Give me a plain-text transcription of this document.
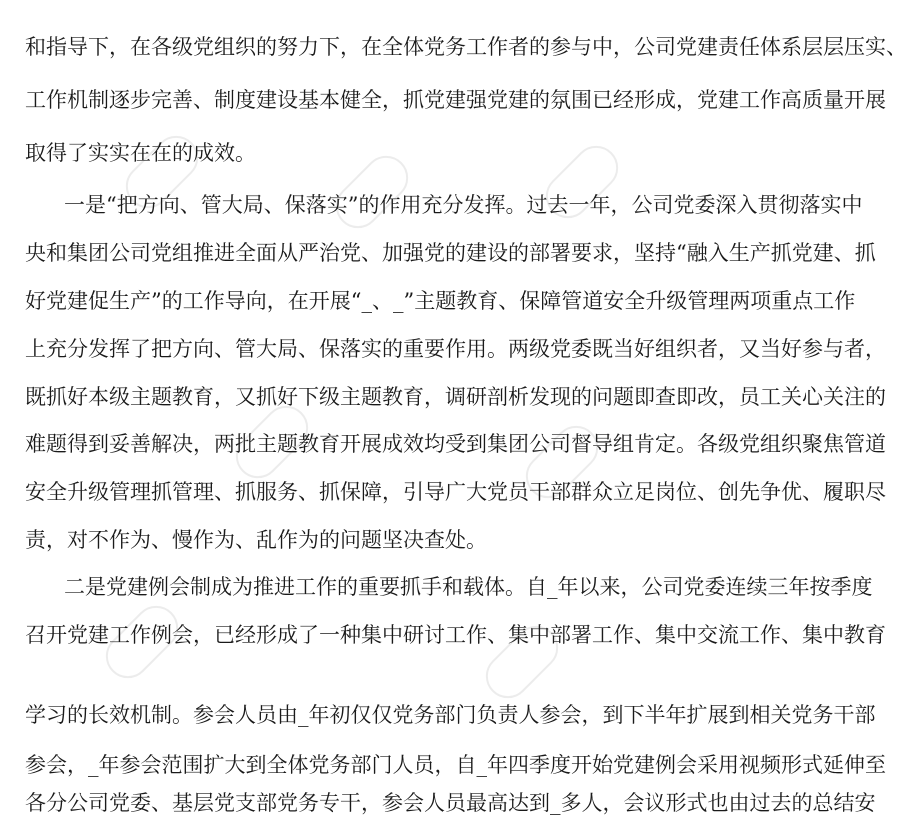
和指导下，在各级党组织的努力下，在全体党务工作者的参与中，公司党建责任体系层层压实、
工作机制逐步完善、制度建设基本健全，抓党建强党建的氛围已经形成，党建工作高质量开展
取得了实实在在的成效。
一是“把方向、管大局、保落实”的作用充分发挥。过去一年，公司党委深入贯彻落实中
央和集团公司党组推进全面从严治党、加强党的建设的部署要求，坚持“融入生产抓党建、抓
好党建促生产”的工作导向，在开展“_、_”主题教育、保障管道安全升级管理两项重点工作
上充分发挥了把方向、管大局、保落实的重要作用。两级党委既当好组织者，又当好参与者，
既抓好本级主题教育，又抓好下级主题教育，调研剖析发现的问题即查即改，员工关心关注的
难题得到妥善解决，两批主题教育开展成效均受到集团公司督导组肯定。各级党组织聚焦管道
安全升级管理抓管理、抓服务、抓保障，引导广大党员干部群众立足岗位、创先争优、履职尽
责，对不作为、慢作为、乱作为的问题坚决查处。
二是党建例会制成为推进工作的重要抓手和载体。自_年以来，公司党委连续三年按季度
召开党建工作例会，已经形成了一种集中研讨工作、集中部署工作、集中交流工作、集中教育
学习的长效机制。参会人员由_年初仅仅党务部门负责人参会，到下半年扩展到相关党务干部
参会，_年参会范围扩大到全体党务部门人员，自_年四季度开始党建例会采用视频形式延伸至
各分公司党委、基层党支部党务专干，参会人员最高达到_多人，会议形式也由过去的总结安
